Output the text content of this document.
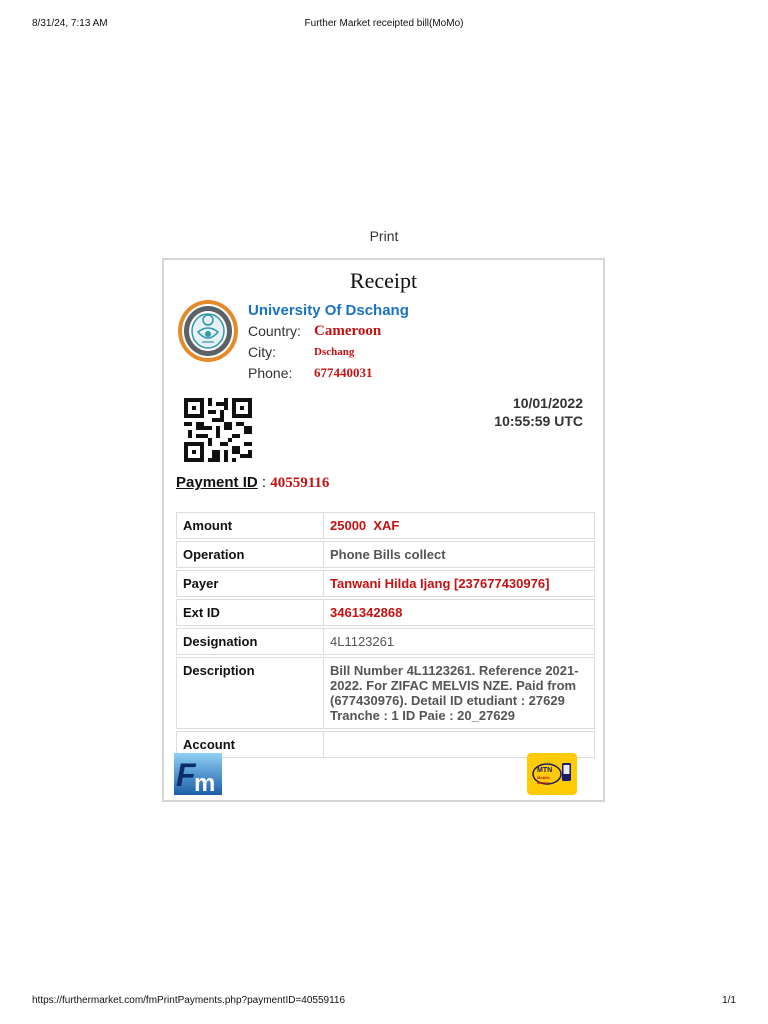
8/31/24, 7:13 AM	Further Market receipted bill(MoMo)
Print
Receipt
University Of Dschang
Country: Cameroon
City:	Dschang
Phone: 677440031
10/01/2022
10:55:59 UTC
Payment ID : 40559116
Amount	25000  XAF
Operation	Phone Bills collect
Payer	Tanwani Hilda Ijang [237677430976]
Ext ID	3461342868
Designation	4L1123261
Description	Bill Number 4L1123261. Reference 2021-2022. For ZIFAC MELVIS NZE. Paid from (677430976). Detail ID etudiant : 27629 Tranche : 1 ID Paie : 20_27629
Account	
F
m	MTN
Mobile
Money
https://furthermarket.com/fmPrintPayments.php?paymentID=40559116	1/1
